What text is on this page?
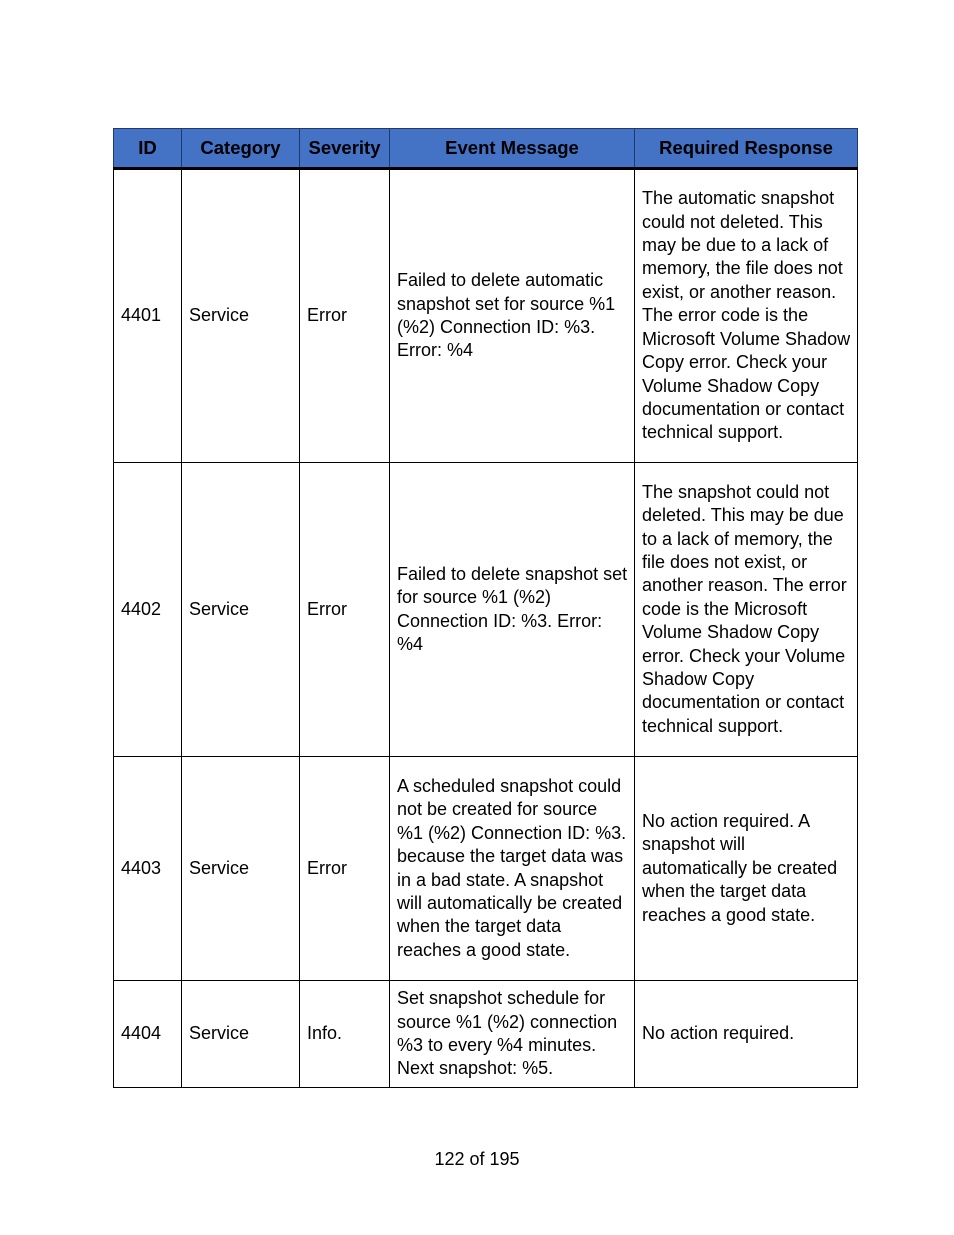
ID	Category	Severity	Event Message	Required Response
4401	Service	Error	Failed to delete automatic snapshot set for source %1 (%2) Connection ID: %3. Error: %4	The automatic snapshot could not deleted. This may be due to a lack of memory, the file does not exist, or another reason. The error code is the Microsoft Volume Shadow Copy error. Check your Volume Shadow Copy documentation or contact technical support.
4402	Service	Error	Failed to delete snapshot set for source %1 (%2) Connection ID: %3. Error: %4	The snapshot could not deleted. This may be due to a lack of memory, the file does not exist, or another reason. The error code is the Microsoft Volume Shadow Copy error. Check your Volume Shadow Copy documentation or contact technical support.
4403	Service	Error	A scheduled snapshot could not be created for source %1 (%2) Connection ID: %3. because the target data was in a bad state. A snapshot will automatically be created when the target data reaches a good state.	No action required. A snapshot will automatically be created when the target data reaches a good state.
4404	Service	Info.	Set snapshot schedule for source %1 (%2) connection %3 to every %4 minutes. Next snapshot: %5.	No action required.
122 of 195
